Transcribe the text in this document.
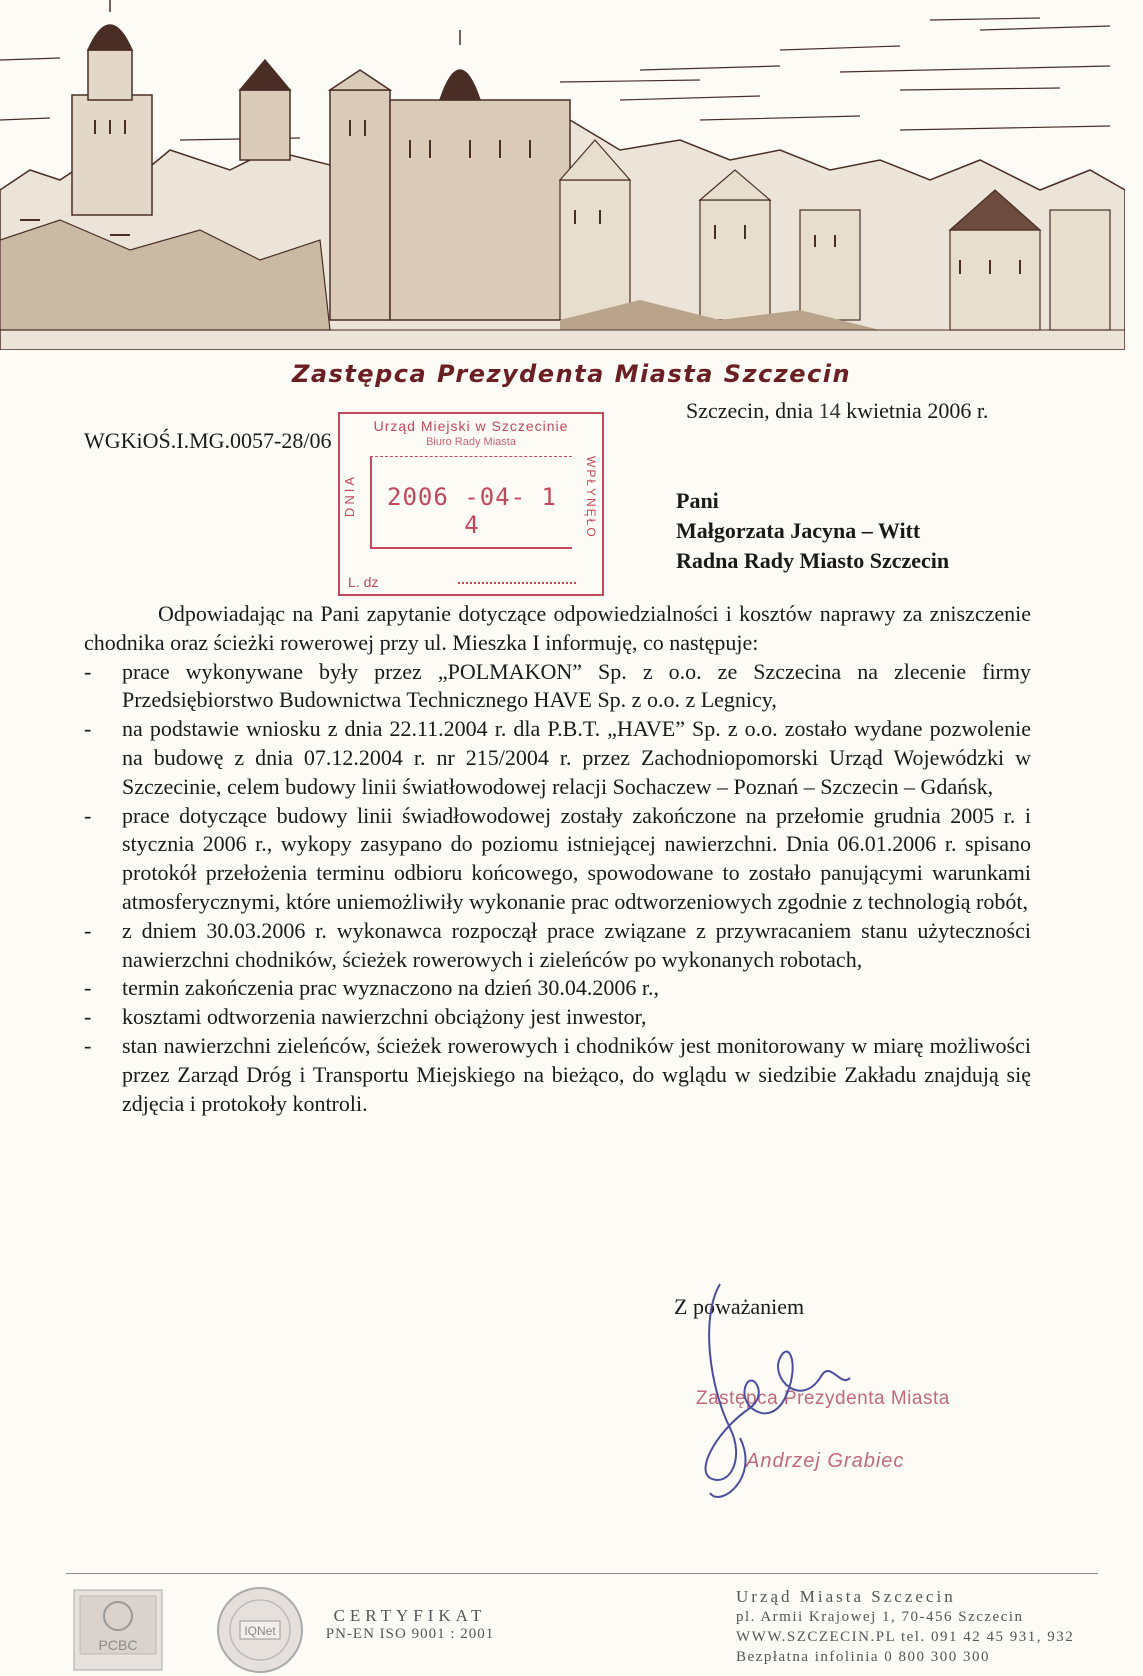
Zastępca Prezydenta Miasta Szczecin
WGKiOŚ.I.MG.0057-28/06
Szczecin, dnia 14 kwietnia 2006 r.
Urząd Miejski w Szczecinie
Biuro Rady Miasta
DNIA	2006 -04- 1 4	WPŁYNĘŁO
L. dz
Pani
Małgorzata Jacyna – Witt
Radna Rady Miasto Szczecin

Odpowiadając na Pani zapytanie dotyczące odpowiedzialności i kosztów naprawy za zniszczenie chodnika oraz ścieżki rowerowej przy ul. Mieszka I informuję, co następuje:

- prace wykonywane były przez „POLMAKON” Sp. z o.o. ze Szczecina na zlecenie firmy Przedsiębiorstwo Budownictwa Technicznego HAVE Sp. z o.o. z Legnicy,
- na podstawie wniosku z dnia 22.11.2004 r. dla P.B.T. „HAVE” Sp. z o.o. zostało wydane pozwolenie na budowę z dnia 07.12.2004 r. nr 215/2004 r. przez Zachodniopomorski Urząd Wojewódzki w Szczecinie, celem budowy linii światłowodowej relacji Sochaczew – Poznań – Szczecin – Gdańsk,
- prace dotyczące budowy linii świadłowodowej zostały zakończone na przełomie grudnia 2005 r. i stycznia 2006 r., wykopy zasypano do poziomu istniejącej nawierzchni. Dnia 06.01.2006 r. spisano protokół przełożenia terminu odbioru końcowego, spowodowane to zostało panującymi warunkami atmosferycznymi, które uniemożliwiły wykonanie prac odtworzeniowych zgodnie z technologią robót,
- z dniem 30.03.2006 r. wykonawca rozpoczął prace związane z przywracaniem stanu użyteczności nawierzchni chodników, ścieżek rowerowych i zieleńców po wykonanych robotach,
- termin zakończenia prac wyznaczono na dzień 30.04.2006 r.,
- kosztami odtworzenia nawierzchni obciążony jest inwestor,
- stan nawierzchni zieleńców, ścieżek rowerowych i chodników jest monitorowany w miarę możliwości przez Zarząd Dróg i Transportu Miejskiego na bieżąco, do wglądu w siedzibie Zakładu znajdują się zdjęcia i protokoły kontroli.
Z poważaniem
Zastępca Prezydenta Miasta
Andrzej Grabiec
PCBC
IQNet
CERTYFIKAT
PN-EN ISO 9001 : 2001
Urząd Miasta Szczecin
pl. Armii Krajowej 1, 70-456 Szczecin
WWW.SZCZECIN.PL tel. 091 42 45 931, 932
Bezpłatna infolinia 0 800 300 300
